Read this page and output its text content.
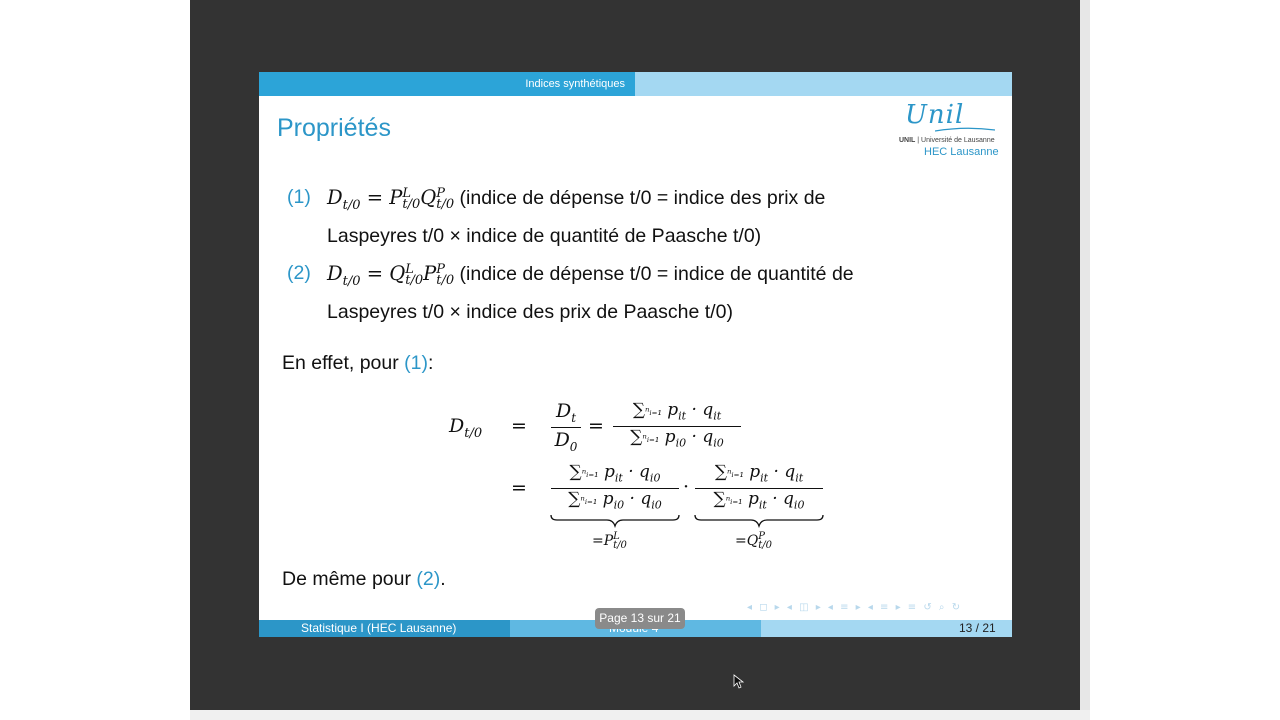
Indices synthétiques
Propriétés	Unil
UNIL | Université de Lausanne
HEC Lausanne
(1) $D_{t/0} = P$ L
t/0 Q P
t/0 (indice de dépense t/0 = indice des prix de
Laspeyres t/0 × indice de quantité de Paasche t/0)
(2) $D_{t/0} = Q$ L
t/0 P P
t/0 (indice de dépense t/0 = indice de quantité de
Laspeyres t/0 × indice des prix de Paasche t/0)
En effet, pour (1):
$D_{t/0}$ =
$D_t$
$D_0$
=
∑ⁿᵢ₌₁ $p_{it} \cdot q_{it}$
∑ⁿᵢ₌₁ $p_{i0} \cdot q_{i0}$
=
∑ⁿᵢ₌₁ $p_{it} \cdot q_{i0}$
∑ⁿᵢ₌₁ $p_{i0} \cdot q_{i0}$
·
∑ⁿᵢ₌₁ $p_{it} \cdot q_{it}$
∑ⁿᵢ₌₁ $p_{it} \cdot q_{i0}$
=P L
t/0	=Q P
t/0
De même pour (2).
◂ ◻ ▸ ◂ ◫ ▸ ◂ ≡ ▸ ◂ ≡ ▸ ≡ ↺ ⌕ ↻
Statistique I (HEC Lausanne)	13 / 21
Page 13 sur 21
